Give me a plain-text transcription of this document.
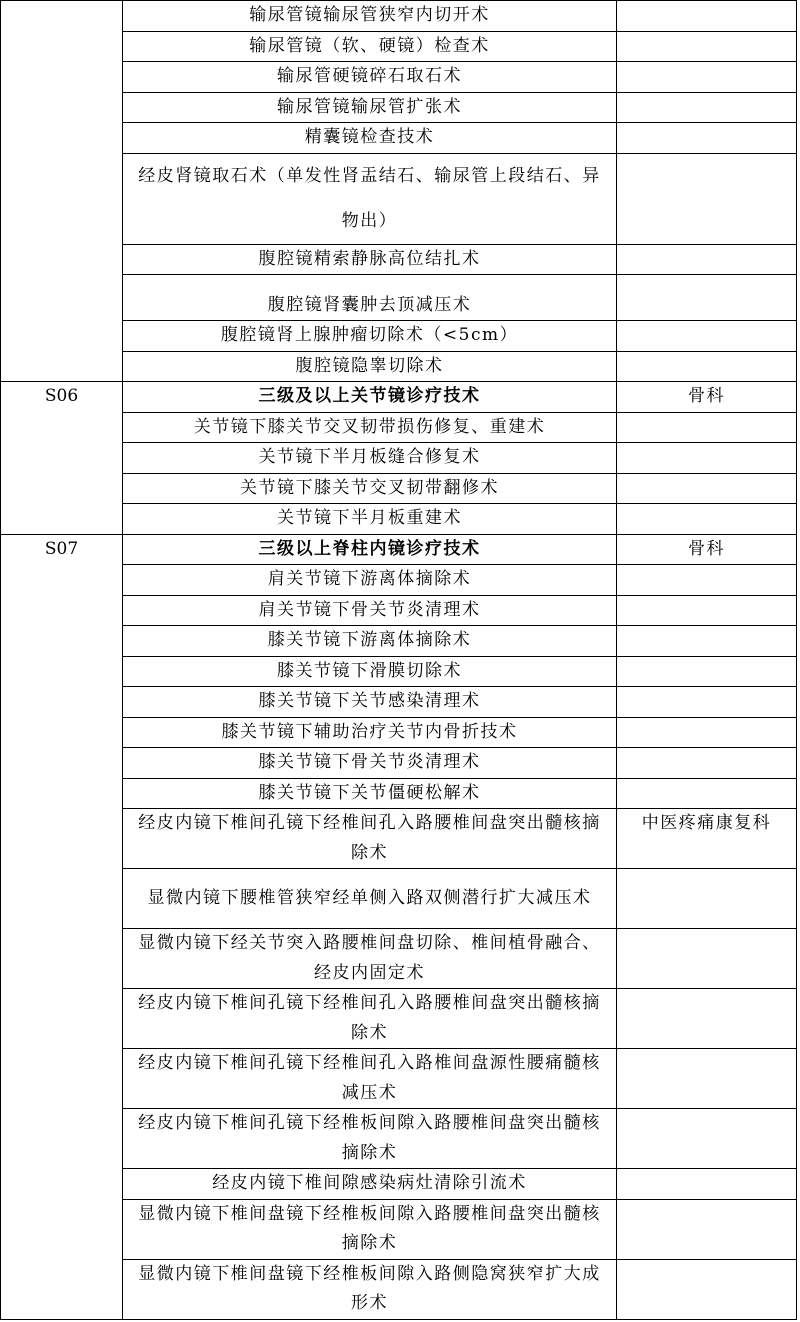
	输尿管镜输尿管狭窄内切开术	
	输尿管镜（软、硬镜）检查术	
	输尿管硬镜碎石取石术	
	输尿管镜输尿管扩张术	
	精囊镜检查技术	
	经皮肾镜取石术（单发性肾盂结石、输尿管上段结石、异物出）	
	腹腔镜精索静脉高位结扎术	
	腹腔镜肾囊肿去顶减压术	
	腹腔镜肾上腺肿瘤切除术（<5cm）	
	腹腔镜隐睾切除术	
S06	三级及以上关节镜诊疗技术	骨科
	关节镜下膝关节交叉韧带损伤修复、重建术	
	关节镜下半月板缝合修复术	
	关节镜下膝关节交叉韧带翻修术	
	关节镜下半月板重建术	
S07	三级以上脊柱内镜诊疗技术	骨科
	肩关节镜下游离体摘除术	
	肩关节镜下骨关节炎清理术	
	膝关节镜下游离体摘除术	
	膝关节镜下滑膜切除术	
	膝关节镜下关节感染清理术	
	膝关节镜下辅助治疗关节内骨折技术	
	膝关节镜下骨关节炎清理术	
	膝关节镜下关节僵硬松解术	
	经皮内镜下椎间孔镜下经椎间孔入路腰椎间盘突出髓核摘除术	中医疼痛康复科
	显微内镜下腰椎管狭窄经单侧入路双侧潜行扩大减压术	
	显微内镜下经关节突入路腰椎间盘切除、椎间植骨融合、经皮内固定术	
	经皮内镜下椎间孔镜下经椎间孔入路腰椎间盘突出髓核摘除术	
	经皮内镜下椎间孔镜下经椎间孔入路椎间盘源性腰痛髓核减压术	
	经皮内镜下椎间孔镜下经椎板间隙入路腰椎间盘突出髓核摘除术	
	经皮内镜下椎间隙感染病灶清除引流术	
	显微内镜下椎间盘镜下经椎板间隙入路腰椎间盘突出髓核摘除术	
	显微内镜下椎间盘镜下经椎板间隙入路侧隐窝狭窄扩大成形术	
